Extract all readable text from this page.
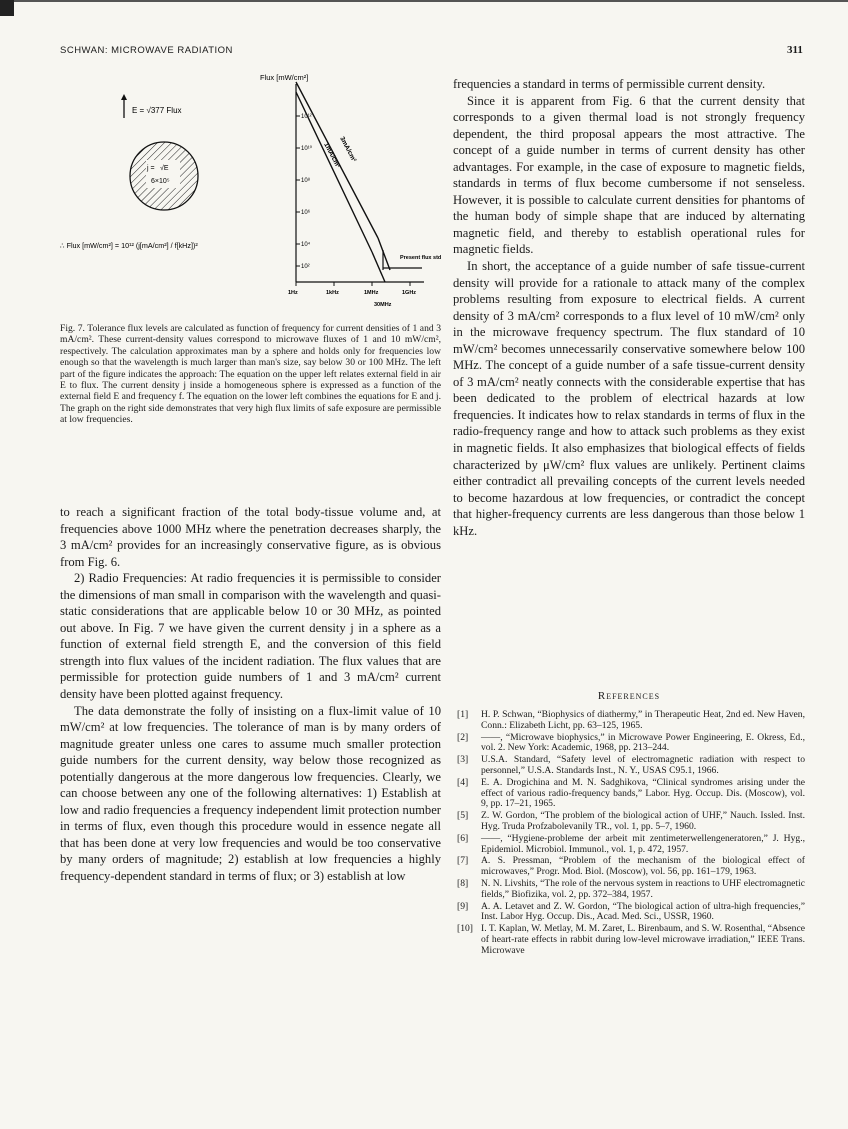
SCHWAN: MICROWAVE RADIATION	311
E = √377 Flux
j = √E
6×10⁵
∴ Flux [mW/cm²] = 10¹² (j[mA/cm²] / f[kHz])²
Flux [mW/cm²]
10¹²
10¹⁰
10⁸
10⁶
10⁴
10²
1Hz	1kHz	1MHz	1GHz
30MHz
3mA/cm²
1mA/cm²
Present flux std.
Fig. 7. Tolerance flux levels are calculated as function of frequency for current densities of 1 and 3 mA/cm². These current-density values correspond to microwave fluxes of 1 and 10 mW/cm², respectively. The calculation approximates man by a sphere and holds only for frequencies low enough so that the wavelength is much larger than man's size, say below 30 or 100 MHz. The left part of the figure indicates the approach: The equation on the upper left relates external field in air E to flux. The current density j inside a homogeneous sphere is expressed as a function of the external field E and frequency f. The equation on the lower left combines the equations for E and j. The graph on the right side demonstrates that very high flux limits of safe exposure are permissible at low frequencies.

to reach a significant fraction of the total body-tissue volume and, at frequencies above 1000 MHz where the penetration decreases sharply, the 3 mA/cm² provides for an increasingly conservative figure, as is obvious from Fig. 6.

2) Radio Frequencies: At radio frequencies it is permissible to consider the dimensions of man small in comparison with the wavelength and quasi-static considerations that are applicable below 10 or 30 MHz, as pointed out above. In Fig. 7 we have given the current density j in a sphere as a function of external field strength E, and the conversion of this field strength into flux values of the incident radiation. The flux values that are permissible for protection guide numbers of 1 and 3 mA/cm² current density have been plotted against frequency.

The data demonstrate the folly of insisting on a flux-limit value of 10 mW/cm² at low frequencies. The tolerance of man is by many orders of magnitude greater unless one cares to assume much smaller protection guide numbers for the current density, way below those recognized as potentially dangerous at the more dangerous low frequencies. Clearly, we can choose between any one of the following alternatives: 1) Establish at low and radio frequencies a frequency independent limit protection number in terms of flux, even though this procedure would in essence negate all that has been done at very low frequencies and would be too conservative by many orders of magnitude; 2) establish at low frequencies a highly frequency-dependent standard in terms of flux; or 3) establish at low

frequencies a standard in terms of permissible current density.

Since it is apparent from Fig. 6 that the current density that corresponds to a given thermal load is not strongly frequency dependent, the third proposal appears the most attractive. The concept of a guide number in terms of current density has other advantages. For example, in the case of exposure to magnetic fields, standards in terms of flux become cumbersome if not senseless. However, it is possible to calculate current densities for phantoms of the human body of simple shape that are induced by alternating magnetic field, and thereby to establish operational rules for magnetic fields.

In short, the acceptance of a guide number of safe tissue-current density will provide for a rationale to attack many of the complex problems resulting from exposure to electrical fields. A current density of 3 mA/cm² corresponds to a flux level of 10 mW/cm² only in the microwave frequency spectrum. The flux standard of 10 mW/cm² becomes unnecessarily conservative somewhere below 100 MHz. The concept of a guide number of a safe tissue-current density of 3 mA/cm² neatly connects with the considerable expertise that has been dedicated to the problem of electrical hazards at low frequencies. It indicates how to relax standards in terms of flux in the radio-frequency range and how to attack such problems as they exist in magnetic fields. It also emphasizes that biological effects of fields characterized by μW/cm² flux values are unlikely. Pertinent claims either contradict all prevailing concepts of the current levels needed to become hazardous at low frequencies, or contradict the concept that higher-frequency currents are less dangerous than those below 1 kHz.

References
[1] H. P. Schwan, “Biophysics of diathermy,” in Therapeutic Heat, 2nd ed. New Haven, Conn.: Elizabeth Licht, pp. 63–125, 1965.
[2] ——, “Microwave biophysics,” in Microwave Power Engineering, E. Okress, Ed., vol. 2. New York: Academic, 1968, pp. 213–244.
[3] U.S.A. Standard, “Safety level of electromagnetic radiation with respect to personnel,” U.S.A. Standards Inst., N. Y., USAS C95.1, 1966.
[4] E. A. Drogichina and M. N. Sadghikova, “Clinical syndromes arising under the effect of various radio-frequency bands,” Labor. Hyg. Occup. Dis. (Moscow), vol. 9, pp. 17–21, 1965.
[5] Z. W. Gordon, “The problem of the biological action of UHF,” Nauch. Issled. Inst. Hyg. Truda Profzabolevanily TR., vol. 1, pp. 5–7, 1960.
[6] ——, “Hygiene-probleme der arbeit mit zentimeterwellengeneratoren,” J. Hyg., Epidemiol. Microbiol. Immunol., vol. 1, p. 472, 1957.
[7] A. S. Pressman, “Problem of the mechanism of the biological effect of microwaves,” Progr. Mod. Biol. (Moscow), vol. 56, pp. 161–179, 1963.
[8] N. N. Livshits, “The role of the nervous system in reactions to UHF electromagnetic fields,” Biofizika, vol. 2, pp. 372–384, 1957.
[9] A. A. Letavet and Z. W. Gordon, “The biological action of ultra-high frequencies,” Inst. Labor Hyg. Occup. Dis., Acad. Med. Sci., USSR, 1960.
[10] I. T. Kaplan, W. Metlay, M. M. Zaret, L. Birenbaum, and S. W. Rosenthal, “Absence of heart-rate effects in rabbit during low-level microwave irradiation,” IEEE Trans. Microwave
